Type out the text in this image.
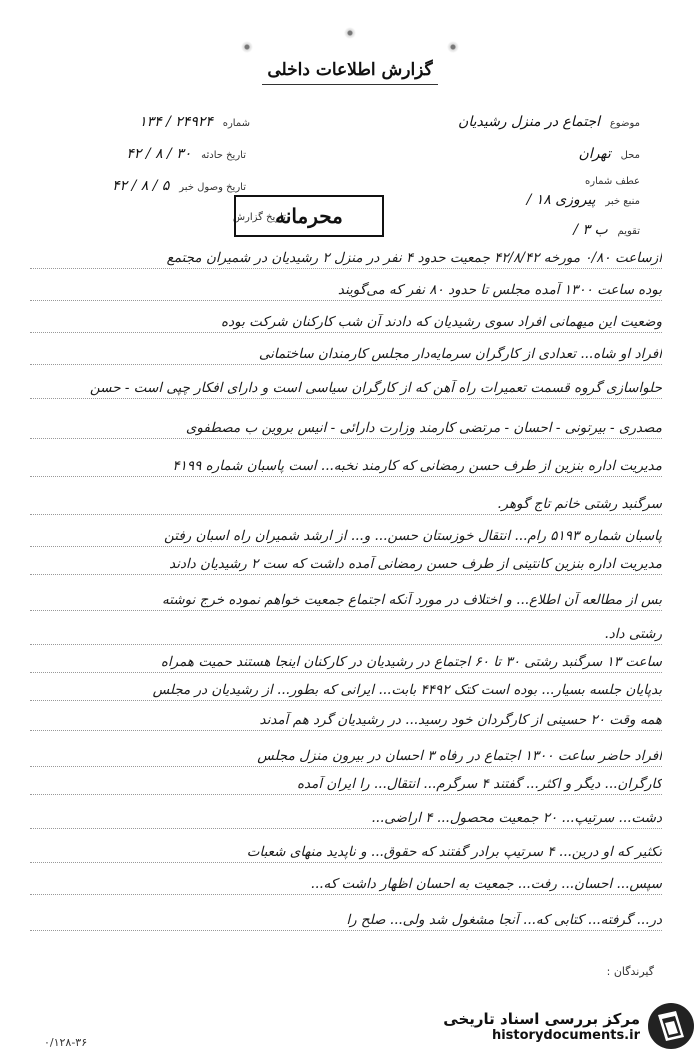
گزارش اطلاعات داخلی
شماره ۲۴۹۲۴ / ۱۳۴
تاریخ حادثه ۳۰ / ۸ / ۴۲
تاریخ وصول خبر ۵ / ۸ / ۴۲
تاریخ گزارش
موضوع اجتماع در منزل رشیدیان
محل تهران
عطف شماره
منبع خبر پیروزی ۱۸ /
تقویم ب ۳ /
محرمانه
ازساعت ۰/۸۰ مورخه ۴۲/۸/۴۲ جمعیت حدود ۴ نفر در منزل ۲ رشیدیان در شمیران مجتمع
بوده ساعت ۱۳۰۰ آمده مجلس تا حدود ۸۰ نفر که می‌گویند
وضعیت این میهمانی افراد سوی رشیدیان که دادند آن شب کارکنان شرکت بوده
افراد او شاه... تعدادی از کارگران سرمایه‌دار مجلس کارمندان ساختمانی
حلواسازی گروه قسمت تعمیرات راه آهن که از کارگران سیاسی است و دارای افکار چپی است - حسن
مصدری - بیرتونی - احسان - مرتضی کارمند وزارت دارائی - انیس بروین ب مصطفوی
مدیریت اداره بنزین از طرف حسن رمضانی که کارمند نخبه... است پاسبان شماره ۴۱۹۹
سرگنبد رشتی خانم تاج گوهر.
پاسبان شماره ۵۱۹۳ رام... انتقال خوزستان حسن... و... از ارشد شمیران راه اسبان رفتن
مدیریت اداره بنزین کانتینی از طرف حسن رمضانی آمده داشت که ست ۲ رشیدیان دادند
بس از مطالعه آن اطلاع... و اختلاف در مورد آنکه اجتماع جمعیت خواهم نموده خرج نوشته
رشتی داد.
ساعت ۱۳ سرگنبد رشتی ۳۰ تا ۶۰ اجتماع در رشیدیان در کارکنان اینجا هستند حمیت همراه
بدپایان جلسه بسیار... بوده است کتک ۴۴۹۲ بابت... ایرانی که بطور... از رشیدیان در مجلس
همه وقت ۲۰ حسینی از کارگردان خود رسید... در رشیدیان گرد هم آمدند
افراد حاضر ساعت ۱۳۰۰ اجتماع در رفاه ۳ احسان در بیرون منزل مجلس
کارگران... دیگر و اکثر... گفتند ۴ سرگرم... انتقال... را ایران آمده
دشت... سرتیپ... ۲۰ جمعیت محصول... ۴ اراضی...
تکثیر که او درین... ۴ سرتیپ برادر گفتند که حقوق... و ناپدید منهای شعبات
سپس... احسان... رفت... جمعیت به احسان اظهار داشت که...
در... گرفته... کتابی که... آنجا مشغول شد ولی... صلح را
گیرندگان :
۰/۱۲۸-۳۶
مرکز بررسی اسناد تاریخی
historydocuments.ir
